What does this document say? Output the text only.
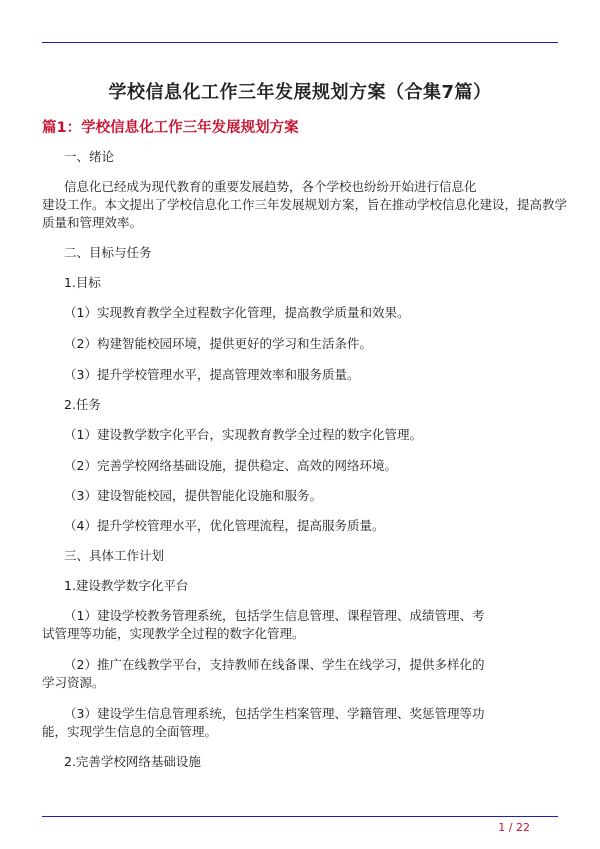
学校信息化工作三年发展规划方案（合集7篇）
篇1：学校信息化工作三年发展规划方案

一、绪论

信息化已经成为现代教育的重要发展趋势，各个学校也纷纷开始进行信息化

建设工作。本文提出了学校信息化工作三年发展规划方案，旨在推动学校信息化建设，提高教学

质量和管理效率。

二、目标与任务

1.目标

（1）实现教育教学全过程数字化管理，提高教学质量和效果。

（2）构建智能校园环境，提供更好的学习和生活条件。

（3）提升学校管理水平，提高管理效率和服务质量。

2.任务

（1）建设教学数字化平台，实现教育教学全过程的数字化管理。

（2）完善学校网络基础设施，提供稳定、高效的网络环境。

（3）建设智能校园，提供智能化设施和服务。

（4）提升学校管理水平，优化管理流程，提高服务质量。

三、具体工作计划

1.建设教学数字化平台

（1）建设学校教务管理系统，包括学生信息管理、课程管理、成绩管理、考

试管理等功能，实现教学全过程的数字化管理。

（2）推广在线教学平台，支持教师在线备课、学生在线学习，提供多样化的

学习资源。

（3）建设学生信息管理系统，包括学生档案管理、学籍管理、奖惩管理等功

能，实现学生信息的全面管理。

2.完善学校网络基础设施

1 / 22
